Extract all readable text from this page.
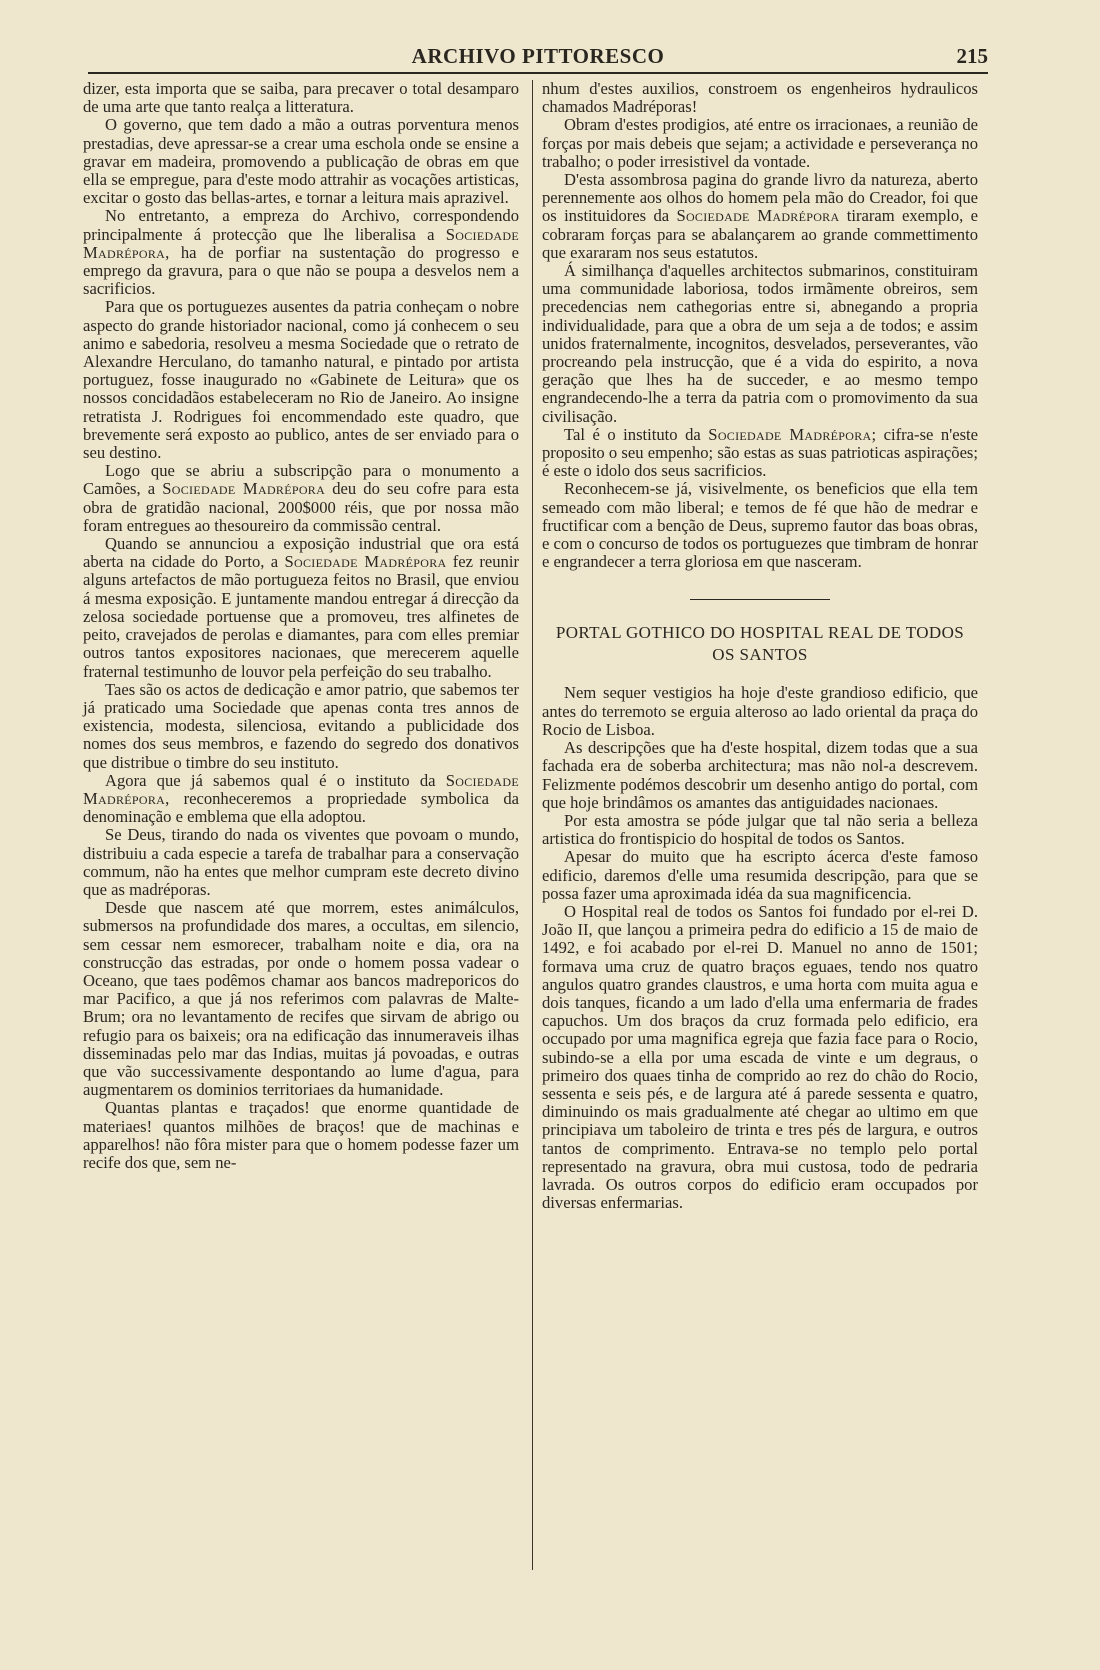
ARCHIVO PITTORESCO	215

dizer, esta importa que se saiba, para precaver o total desamparo de uma arte que tanto realça a litteratura.

O governo, que tem dado a mão a outras porventura menos prestadias, deve apressar-se a crear uma eschola onde se ensine a gravar em madeira, promovendo a publicação de obras em que ella se empregue, para d'este modo attrahir as vocações artisticas, excitar o gosto das bellas-artes, e tornar a leitura mais aprazivel.

No entretanto, a empreza do Archivo, correspondendo principalmente á protecção que lhe liberalisa a Sociedade Madrépora, ha de porfiar na sustentação do progresso e emprego da gravura, para o que não se poupa a desvelos nem a sacrificios.

Para que os portuguezes ausentes da patria conheçam o nobre aspecto do grande historiador nacional, como já conhecem o seu animo e sabedoria, resolveu a mesma Sociedade que o retrato de Alexandre Herculano, do tamanho natural, e pintado por artista portuguez, fosse inaugurado no «Gabinete de Leitura» que os nossos concidadãos estabeleceram no Rio de Janeiro. Ao insigne retratista J. Rodrigues foi encommendado este quadro, que brevemente será exposto ao publico, antes de ser enviado para o seu destino.

Logo que se abriu a subscripção para o monumento a Camões, a Sociedade Madrépora deu do seu cofre para esta obra de gratidão nacional, 200$000 réis, que por nossa mão foram entregues ao thesoureiro da commissão central.

Quando se annunciou a exposição industrial que ora está aberta na cidade do Porto, a Sociedade Madrépora fez reunir alguns artefactos de mão portugueza feitos no Brasil, que enviou á mesma exposição. E juntamente mandou entregar á direcção da zelosa sociedade portuense que a promoveu, tres alfinetes de peito, cravejados de perolas e diamantes, para com elles premiar outros tantos expositores nacionaes, que merecerem aquelle fraternal testimunho de louvor pela perfeição do seu trabalho.

Taes são os actos de dedicação e amor patrio, que sabemos ter já praticado uma Sociedade que apenas conta tres annos de existencia, modesta, silenciosa, evitando a publicidade dos nomes dos seus membros, e fazendo do segredo dos donativos que distribue o timbre do seu instituto.

Agora que já sabemos qual é o instituto da Sociedade Madrépora, reconheceremos a propriedade symbolica da denominação e emblema que ella adoptou.

Se Deus, tirando do nada os viventes que povoam o mundo, distribuiu a cada especie a tarefa de trabalhar para a conservação commum, não ha entes que melhor cumpram este decreto divino que as madréporas.

Desde que nascem até que morrem, estes animálculos, submersos na profundidade dos mares, a occultas, em silencio, sem cessar nem esmorecer, trabalham noite e dia, ora na construcção das estradas, por onde o homem possa vadear o Oceano, que taes podêmos chamar aos bancos madreporicos do mar Pacifico, a que já nos referimos com palavras de Malte-Brum; ora no levantamento de recifes que sirvam de abrigo ou refugio para os baixeis; ora na edificação das innumeraveis ilhas disseminadas pelo mar das Indias, muitas já povoadas, e outras que vão successivamente despontando ao lume d'agua, para augmentarem os dominios territoriaes da humanidade.

Quantas plantas e traçados! que enorme quantidade de materiaes! quantos milhões de braços! que de machinas e apparelhos! não fôra mister para que o homem podesse fazer um recife dos que, sem ne-

nhum d'estes auxilios, constroem os engenheiros hydraulicos chamados Madréporas!

Obram d'estes prodigios, até entre os irracionaes, a reunião de forças por mais debeis que sejam; a actividade e perseverança no trabalho; o poder irresistivel da vontade.

D'esta assombrosa pagina do grande livro da natureza, aberto perennemente aos olhos do homem pela mão do Creador, foi que os instituidores da Sociedade Madrépora tiraram exemplo, e cobraram forças para se abalançarem ao grande commettimento que exararam nos seus estatutos.

Á similhança d'aquelles architectos submarinos, constituiram uma communidade laboriosa, todos irmãmente obreiros, sem precedencias nem cathegorias entre si, abnegando a propria individualidade, para que a obra de um seja a de todos; e assim unidos fraternalmente, incognitos, desvelados, perseverantes, vão procreando pela instrucção, que é a vida do espirito, a nova geração que lhes ha de succeder, e ao mesmo tempo engrandecendo-lhe a terra da patria com o promovimento da sua civilisação.

Tal é o instituto da Sociedade Madrépora; cifra-se n'este proposito o seu empenho; são estas as suas patrioticas aspirações; é este o idolo dos seus sacrificios.

Reconhecem-se já, visivelmente, os beneficios que ella tem semeado com mão liberal; e temos de fé que hão de medrar e fructificar com a benção de Deus, supremo fautor das boas obras, e com o concurso de todos os portuguezes que timbram de honrar e engrandecer a terra gloriosa em que nasceram.

PORTAL GOTHICO DO HOSPITAL REAL DE TODOS
OS SANTOS

Nem sequer vestigios ha hoje d'este grandioso edificio, que antes do terremoto se erguia alteroso ao lado oriental da praça do Rocio de Lisboa.

As descripções que ha d'este hospital, dizem todas que a sua fachada era de soberba architectura; mas não nol-a descrevem. Felizmente podémos descobrir um desenho antigo do portal, com que hoje brindâmos os amantes das antiguidades nacionaes.

Por esta amostra se póde julgar que tal não seria a belleza artistica do frontispicio do hospital de todos os Santos.

Apesar do muito que ha escripto ácerca d'este famoso edificio, daremos d'elle uma resumida descripção, para que se possa fazer uma aproximada idéa da sua magnificencia.

O Hospital real de todos os Santos foi fundado por el-rei D. João II, que lançou a primeira pedra do edificio a 15 de maio de 1492, e foi acabado por el-rei D. Manuel no anno de 1501; formava uma cruz de quatro braços eguaes, tendo nos quatro angulos quatro grandes claustros, e uma horta com muita agua e dois tanques, ficando a um lado d'ella uma enfermaria de frades capuchos. Um dos braços da cruz formada pelo edificio, era occupado por uma magnifica egreja que fazia face para o Rocio, subindo-se a ella por uma escada de vinte e um degraus, o primeiro dos quaes tinha de comprido ao rez do chão do Rocio, sessenta e seis pés, e de largura até á parede sessenta e quatro, diminuindo os mais gradualmente até chegar ao ultimo em que principiava um taboleiro de trinta e tres pés de largura, e outros tantos de comprimento. Entrava-se no templo pelo portal representado na gravura, obra mui custosa, todo de pedraria lavrada. Os outros corpos do edificio eram occupados por diversas enfermarias.
